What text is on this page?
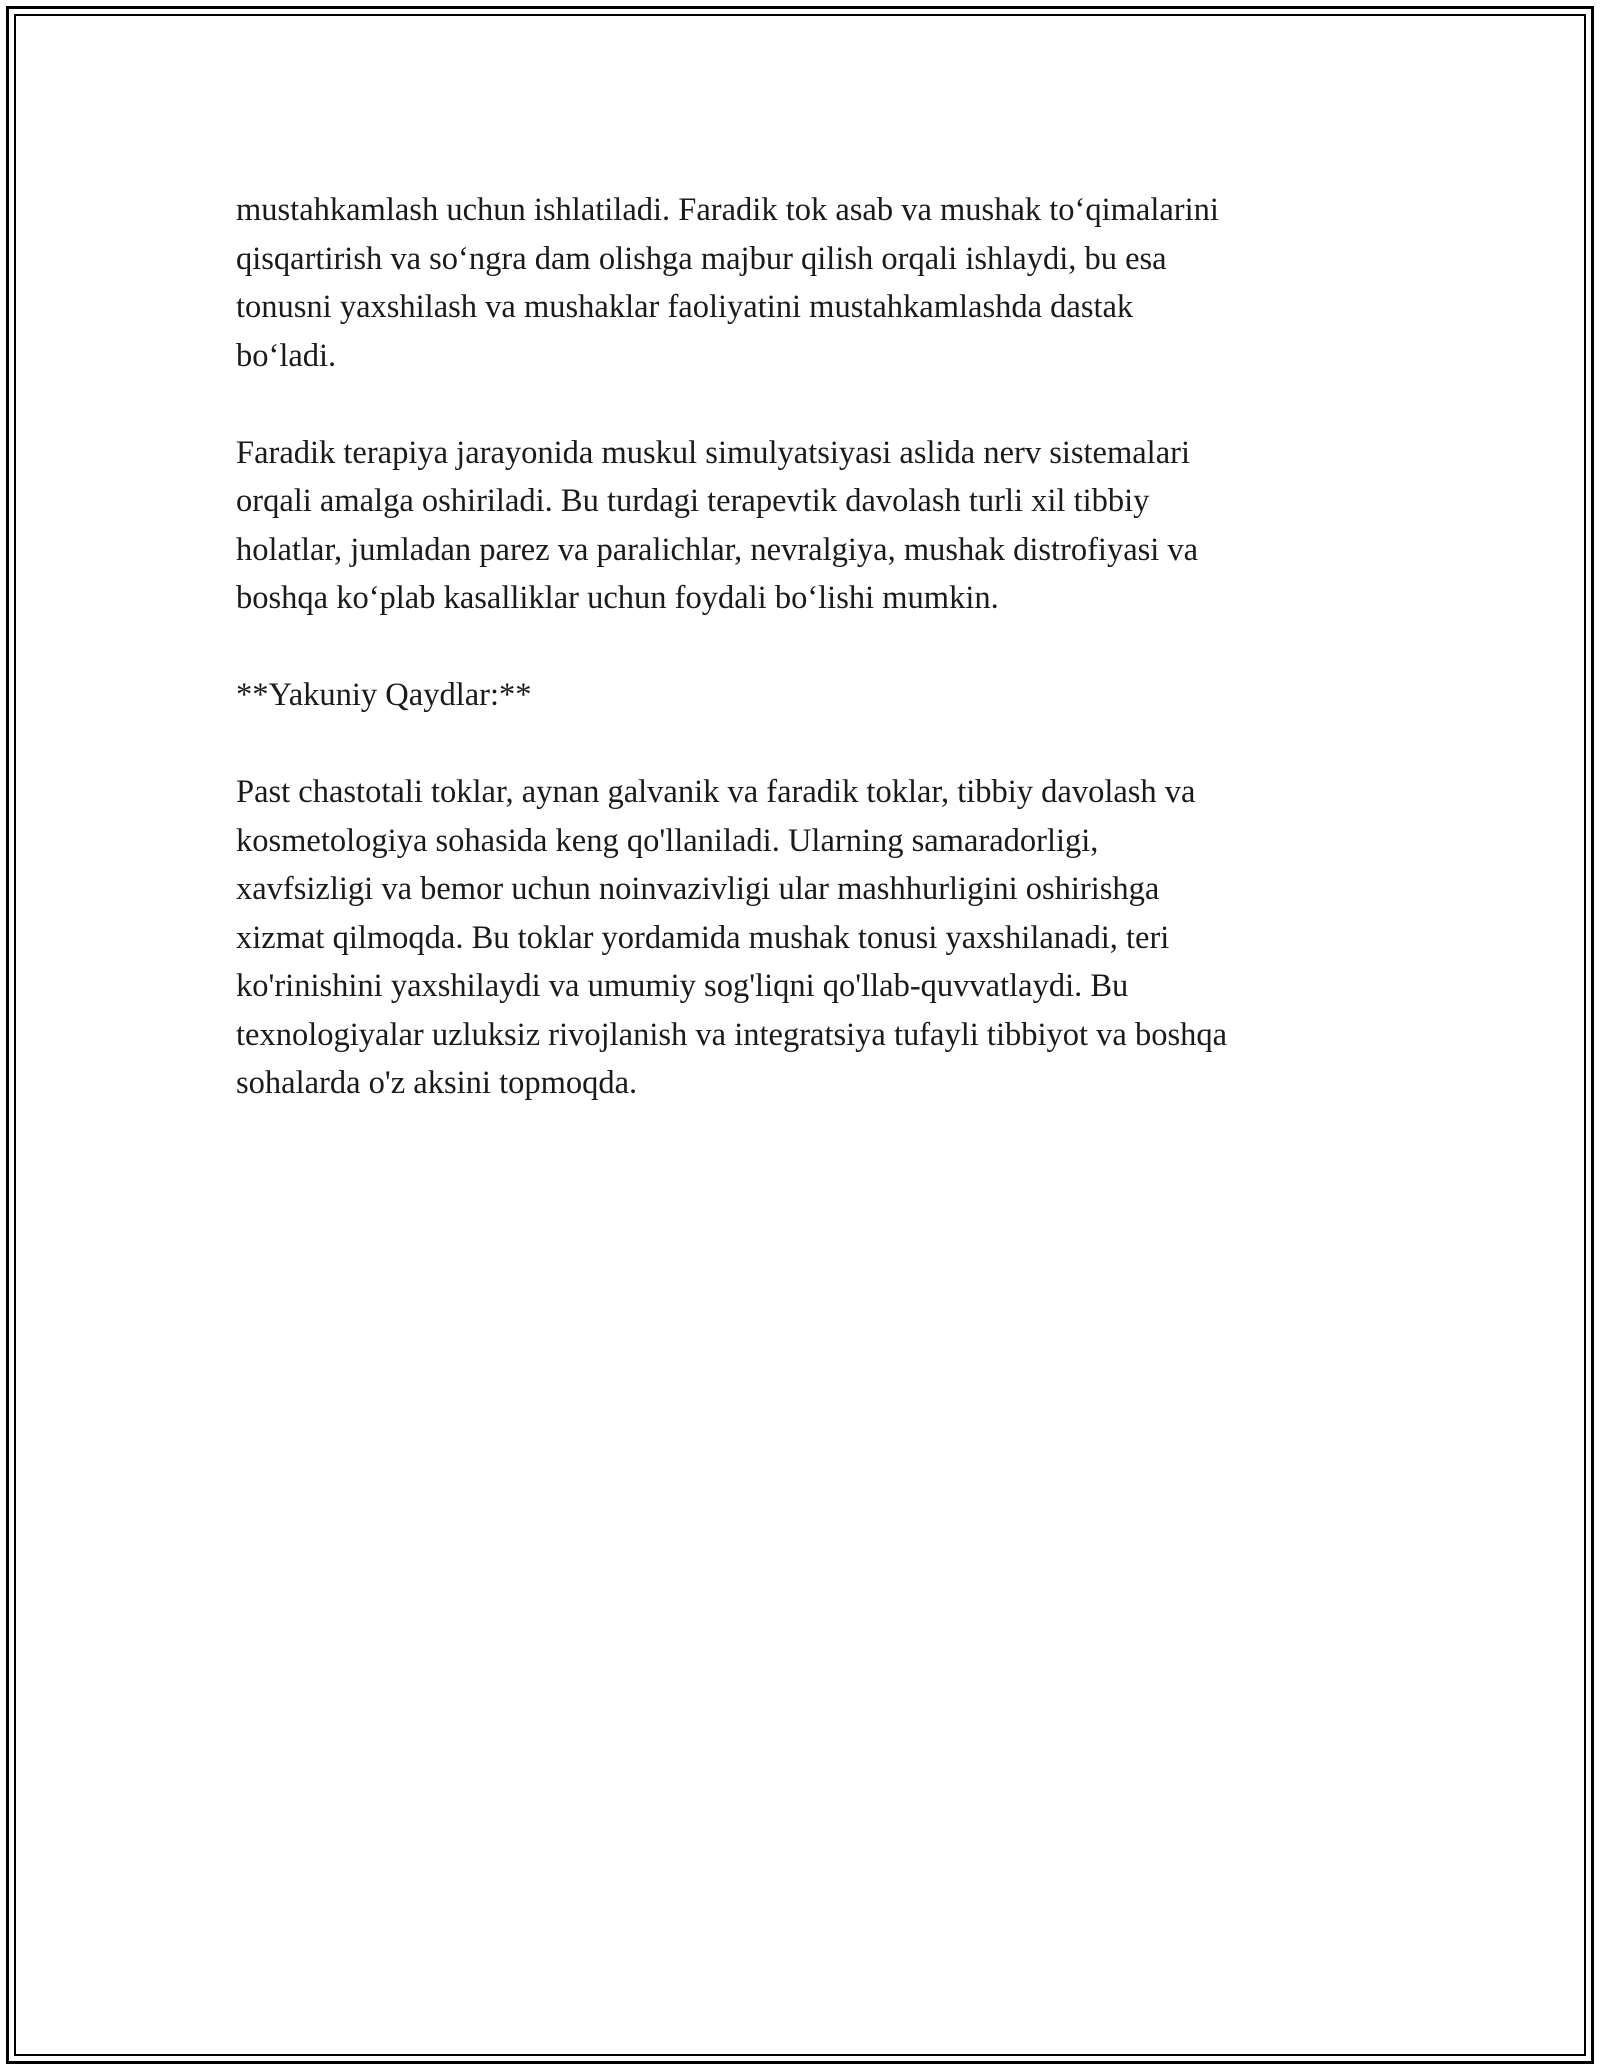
mustahkamlash uchun ishlatiladi. Faradik tok asab va mushak to‘qimalarini
qisqartirish va so‘ngra dam olishga majbur qilish orqali ishlaydi, bu esa
tonusni yaxshilash va mushaklar faoliyatini mustahkamlashda dastak
bo‘ladi.

Faradik terapiya jarayonida muskul simulyatsiyasi aslida nerv sistemalari
orqali amalga oshiriladi. Bu turdagi terapevtik davolash turli xil tibbiy
holatlar, jumladan parez va paralichlar, nevralgiya, mushak distrofiyasi va
boshqa ko‘plab kasalliklar uchun foydali bo‘lishi mumkin.

**Yakuniy Qaydlar:**

Past chastotali toklar, aynan galvanik va faradik toklar, tibbiy davolash va
kosmetologiya sohasida keng qo'llaniladi. Ularning samaradorligi,
xavfsizligi va bemor uchun noinvazivligi ular mashhurligini oshirishga
xizmat qilmoqda. Bu toklar yordamida mushak tonusi yaxshilanadi, teri
ko'rinishini yaxshilaydi va umumiy sog'liqni qo'llab-quvvatlaydi. Bu
texnologiyalar uzluksiz rivojlanish va integratsiya tufayli tibbiyot va boshqa
sohalarda o'z aksini topmoqda.
